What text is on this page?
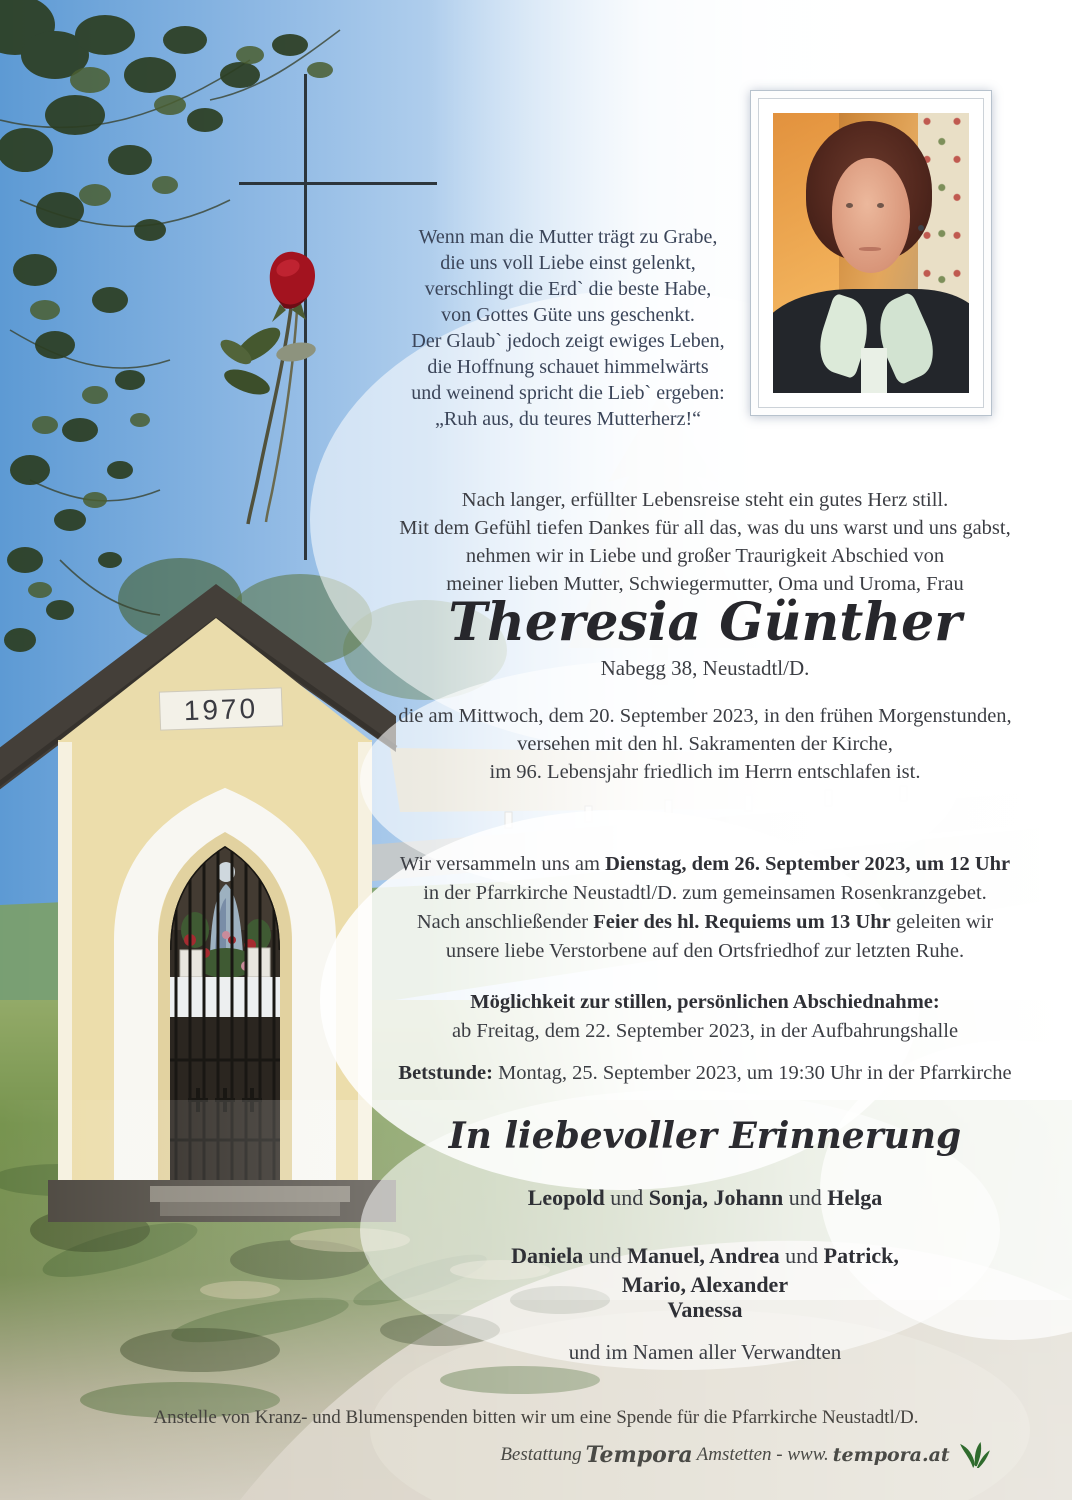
Wenn man die Mutter trägt zu Grabe,
die uns voll Liebe einst gelenkt,
verschlingt die Erd` die beste Habe,
von Gottes Güte uns geschenkt.
Der Glaub` jedoch zeigt ewiges Leben,
die Hoffnung schauet himmelwärts
und weinend spricht die Lieb` ergeben:
„Ruh aus, du teures Mutterherz!“
Nach langer, erfüllter Lebensreise steht ein gutes Herz still.
Mit dem Gefühl tiefen Dankes für all das, was du uns warst und uns gabst,
nehmen wir in Liebe und großer Traurigkeit Abschied von
meiner lieben Mutter, Schwiegermutter, Oma und Uroma, Frau
Theresia Günther
Nabegg 38, Neustadtl/D.
die am Mittwoch, dem 20. September 2023, in den frühen Morgenstunden,
versehen mit den hl. Sakramenten der Kirche,
im 96. Lebensjahr friedlich im Herrn entschlafen ist.
Wir versammeln uns am Dienstag, dem 26. September 2023, um 12 Uhr
in der Pfarrkirche Neustadtl/D. zum gemeinsamen Rosenkranzgebet.
Nach anschließender Feier des hl. Requiems um 13 Uhr geleiten wir
unsere liebe Verstorbene auf den Ortsfriedhof zur letzten Ruhe.
Möglichkeit zur stillen, persönlichen Abschiednahme:
ab Freitag, dem 22. September 2023, in der Aufbahrungshalle
Betstunde: Montag, 25. September 2023, um 19:30 Uhr in der Pfarrkirche
In liebevoller Erinnerung
Leopold und Sonja, Johann und Helga
Daniela und Manuel, Andrea und Patrick,
Mario, Alexander
Vanessa
und im Namen aller Verwandten
Anstelle von Kranz- und Blumenspenden bitten wir um eine Spende für die Pfarrkirche Neustadtl/D.
Bestattung Tempora Amstetten - www. tempora.at
